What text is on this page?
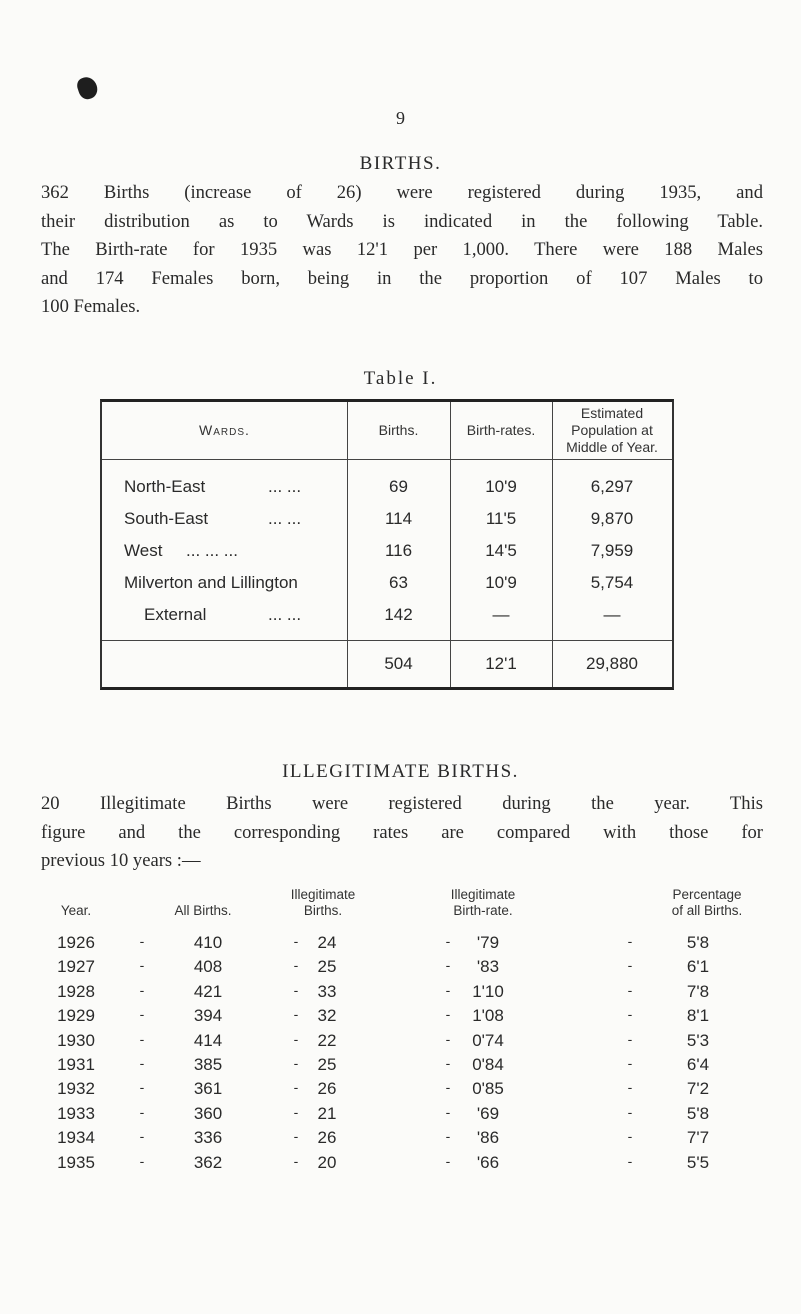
9
BIRTHS.
362 Births (increase of 26) were registered during 1935, and
their distribution as to Wards is indicated in the following Table.
The Birth-rate for 1935 was 12'1 per 1,000. There were 188 Males
and 174 Females born, being in the proportion of 107 Males to
100 Females.
Table I.
Wards.	Births.	Birth-rates.
Estimated
Population at
Middle of Year.
North-East	... ...	69	10'9	6,297
South-East	... ...	114	11'5	9,870
West ... ... ...	116	14'5	7,959
Milverton and Lillington	63	10'9	5,754
External	... ...	142	—	—
504	12'1	29,880
ILLEGITIMATE BIRTHS.
20 Illegitimate Births were registered during the year. This
figure and the corresponding rates are compared with those for
previous 10 years :—
Year.	All Births.
Illegitimate
Births.
Illegitimate
Birth-rate.
Percentage
of all Births.
1926	-	410	-	24	-	'79	-	5'8
1927	-	408	-	25	-	'83	-	6'1
1928	-	421	-	33	-	1'10	-	7'8
1929	-	394	-	32	-	1'08	-	8'1
1930	-	414	-	22	-	0'74	-	5'3
1931	-	385	-	25	-	0'84	-	6'4
1932	-	361	-	26	-	0'85	-	7'2
1933	-	360	-	21	-	'69	-	5'8
1934	-	336	-	26	-	'86	-	7'7
1935	-	362	-	20	-	'66	-	5'5
